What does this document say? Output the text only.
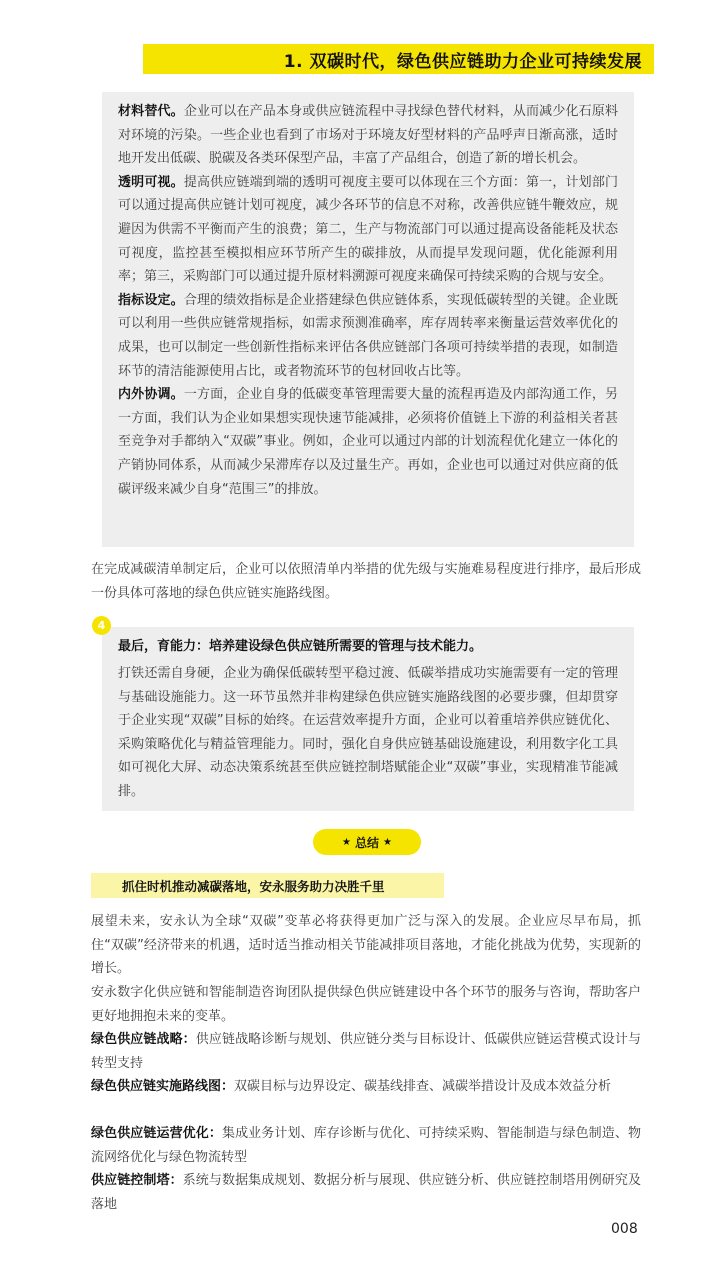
1. 双碳时代，绿色供应链助力企业可持续发展

材料替代。企业可以在产品本身或供应链流程中寻找绿色替代材料，从而减少化石原料对环境的污染。一些企业也看到了市场对于环境友好型材料的产品呼声日渐高涨，适时地开发出低碳、脱碳及各类环保型产品，丰富了产品组合，创造了新的增长机会。

透明可视。提高供应链端到端的透明可视度主要可以体现在三个方面：第一，计划部门可以通过提高供应链计划可视度，减少各环节的信息不对称，改善供应链牛鞭效应，规避因为供需不平衡而产生的浪费；第二，生产与物流部门可以通过提高设备能耗及状态可视度，监控甚至模拟相应环节所产生的碳排放，从而提早发现问题，优化能源利用率；第三，采购部门可以通过提升原材料溯源可视度来确保可持续采购的合规与安全。

指标设定。合理的绩效指标是企业搭建绿色供应链体系，实现低碳转型的关键。企业既可以利用一些供应链常规指标，如需求预测准确率，库存周转率来衡量运营效率优化的成果，也可以制定一些创新性指标来评估各供应链部门各项可持续举措的表现，如制造环节的清洁能源使用占比，或者物流环节的包材回收占比等。

内外协调。一方面，企业自身的低碳变革管理需要大量的流程再造及内部沟通工作，另一方面，我们认为企业如果想实现快速节能减排，必须将价值链上下游的利益相关者甚至竞争对手都纳入“双碳”事业。例如，企业可以通过内部的计划流程优化建立一体化的产销协同体系，从而减少呆滞库存以及过量生产。再如，企业也可以通过对供应商的低碳评级来减少自身“范围三”的排放。

在完成减碳清单制定后，企业可以依照清单内举措的优先级与实施难易程度进行排序，最后形成一份具体可落地的绿色供应链实施路线图。

最后，育能力：培养建设绿色供应链所需要的管理与技术能力。

打铁还需自身硬，企业为确保低碳转型平稳过渡、低碳举措成功实施需要有一定的管理与基础设施能力。这一环节虽然并非构建绿色供应链实施路线图的必要步骤，但却贯穿于企业实现“双碳”目标的始终。在运营效率提升方面，企业可以着重培养供应链优化、采购策略优化与精益管理能力。同时，强化自身供应链基础设施建设，利用数字化工具如可视化大屏、动态决策系统甚至供应链控制塔赋能企业“双碳”事业，实现精准节能减排。

4
★ 总结 ★
抓住时机推动减碳落地，安永服务助力决胜千里

展望未来，安永认为全球“双碳”变革必将获得更加广泛与深入的发展。企业应尽早布局，抓住“双碳”经济带来的机遇，适时适当推动相关节能减排项目落地，才能化挑战为优势，实现新的增长。

安永数字化供应链和智能制造咨询团队提供绿色供应链建设中各个环节的服务与咨询，帮助客户更好地拥抱未来的变革。

绿色供应链战略：供应链战略诊断与规划、供应链分类与目标设计、低碳供应链运营模式设计与转型支持

绿色供应链实施路线图：双碳目标与边界设定、碳基线排查、减碳举措设计及成本效益分析

绿色供应链运营优化：集成业务计划、库存诊断与优化、可持续采购、智能制造与绿色制造、物流网络优化与绿色物流转型

供应链控制塔：系统与数据集成规划、数据分析与展现、供应链分析、供应链控制塔用例研究及落地

008
